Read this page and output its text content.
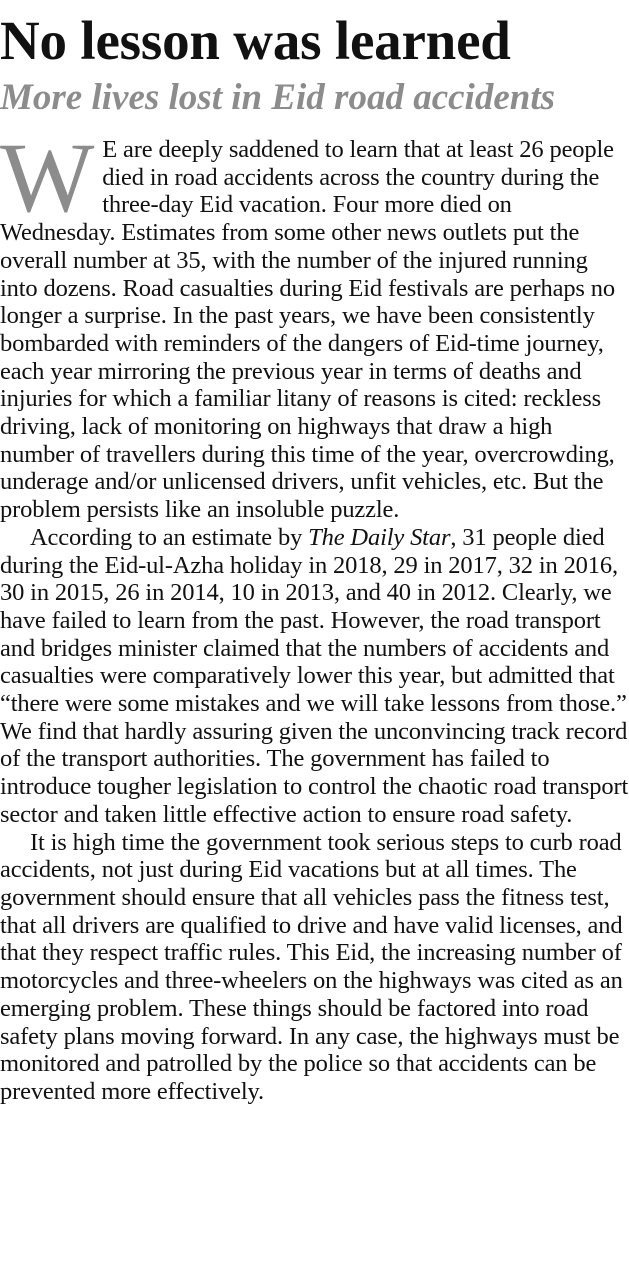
No lesson was learned
More lives lost in Eid road accidents

W E are deeply saddened to learn that at least 26 people died in road accidents across the country during the three-day Eid vacation. Four more died on Wednesday. Estimates from some other news outlets put the overall number at 35, with the number of the injured running into dozens. Road casualties during Eid festivals are perhaps no longer a surprise. In the past years, we have been consistently bombarded with reminders of the dangers of Eid-time journey, each year mirroring the previous year in terms of deaths and injuries for which a familiar litany of reasons is cited: reckless driving, lack of monitoring on highways that draw a high number of travellers during this time of the year, overcrowding, underage and/or unlicensed drivers, unfit vehicles, etc. But the problem persists like an insoluble puzzle.

According to an estimate by The Daily Star, 31 people died during the Eid-ul-Azha holiday in 2018, 29 in 2017, 32 in 2016, 30 in 2015, 26 in 2014, 10 in 2013, and 40 in 2012. Clearly, we have failed to learn from the past. However, the road transport and bridges minister claimed that the numbers of accidents and casualties were comparatively lower this year, but admitted that “there were some mistakes and we will take lessons from those.” We find that hardly assuring given the unconvincing track record of the transport authorities. The government has failed to introduce tougher legislation to control the chaotic road transport sector and taken little effective action to ensure road safety.

It is high time the government took serious steps to curb road accidents, not just during Eid vacations but at all times. The government should ensure that all vehicles pass the fitness test, that all drivers are qualified to drive and have valid licenses, and that they respect traffic rules. This Eid, the increasing number of motorcycles and three-wheelers on the highways was cited as an emerging problem. These things should be factored into road safety plans moving forward. In any case, the highways must be monitored and patrolled by the police so that accidents can be prevented more effectively.
